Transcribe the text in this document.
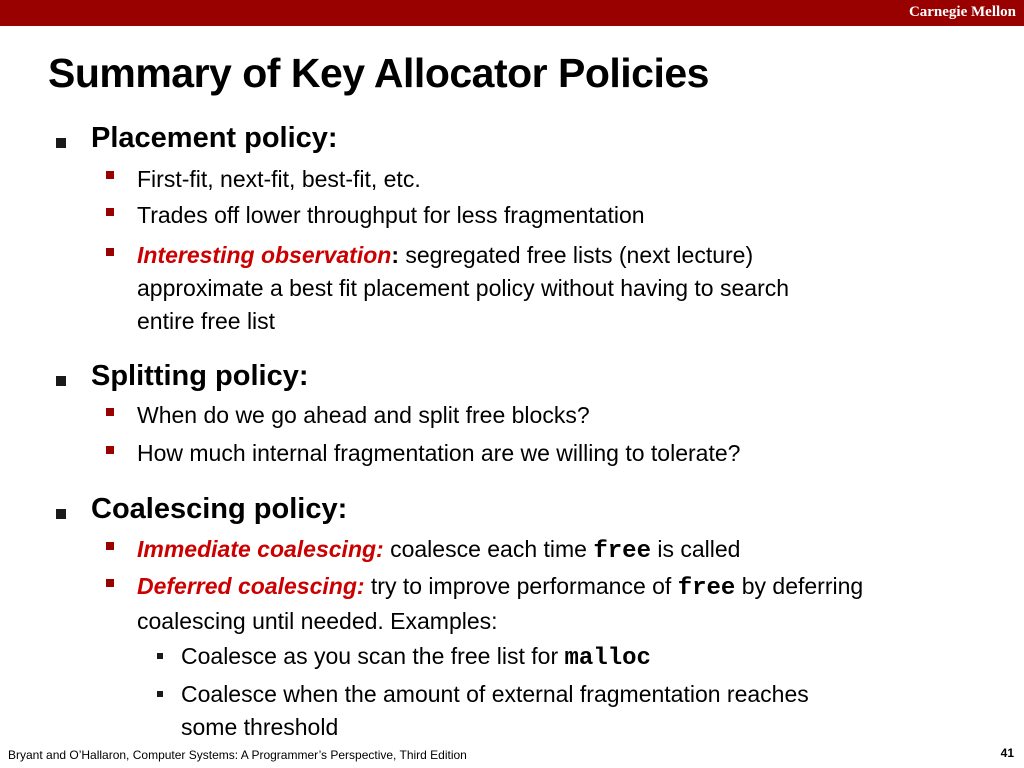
Carnegie Mellon
Summary of Key Allocator Policies
Placement policy:
First-fit, next-fit, best-fit, etc.
Trades off lower throughput for less fragmentation
Interesting observation: segregated free lists (next lecture)
approximate a best fit placement policy without having to search
entire free list
Splitting policy:
When do we go ahead and split free blocks?
How much internal fragmentation are we willing to tolerate?
Coalescing policy:
Immediate coalescing: coalesce each time free is called
Deferred coalescing: try to improve performance of free by deferring
coalescing until needed. Examples:
Coalesce as you scan the free list for malloc
Coalesce when the amount of external fragmentation reaches
some threshold
Bryant and O’Hallaron, Computer Systems: A Programmer’s Perspective, Third Edition	41
